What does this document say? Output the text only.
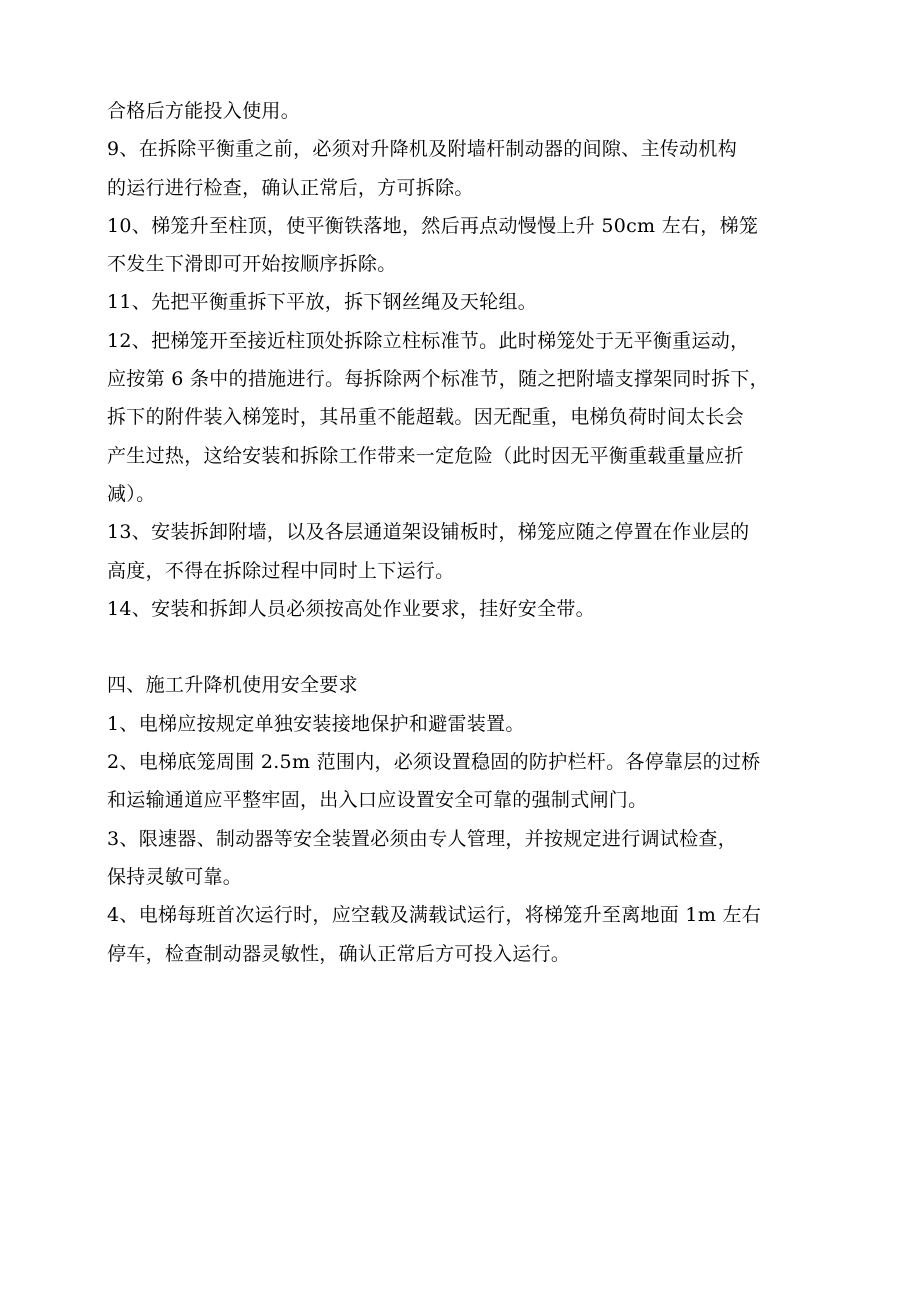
合格后方能投入使用。
9、在拆除平衡重之前，必须对升降机及附墙杆制动器的间隙、主传动机构
的运行进行检查，确认正常后，方可拆除。
10、梯笼升至柱顶，使平衡铁落地，然后再点动慢慢上升 50cm 左右，梯笼
不发生下滑即可开始按顺序拆除。
11、先把平衡重拆下平放，拆下钢丝绳及天轮组。
12、把梯笼开至接近柱顶处拆除立柱标准节。此时梯笼处于无平衡重运动，
应按第 6 条中的措施进行。每拆除两个标准节，随之把附墙支撑架同时拆下，
拆下的附件装入梯笼时，其吊重不能超载。因无配重，电梯负荷时间太长会
产生过热，这给安装和拆除工作带来一定危险（此时因无平衡重载重量应折
减）。
13、安装拆卸附墙，以及各层通道架设铺板时，梯笼应随之停置在作业层的
高度，不得在拆除过程中同时上下运行。
14、安装和拆卸人员必须按高处作业要求，挂好安全带。
四、施工升降机使用安全要求
1、电梯应按规定单独安装接地保护和避雷装置。
2、电梯底笼周围 2.5m 范围内，必须设置稳固的防护栏杆。各停靠层的过桥
和运输通道应平整牢固，出入口应设置安全可靠的强制式闸门。
3、限速器、制动器等安全装置必须由专人管理，并按规定进行调试检查，
保持灵敏可靠。
4、电梯每班首次运行时，应空载及满载试运行，将梯笼升至离地面 1m 左右
停车，检查制动器灵敏性，确认正常后方可投入运行。
